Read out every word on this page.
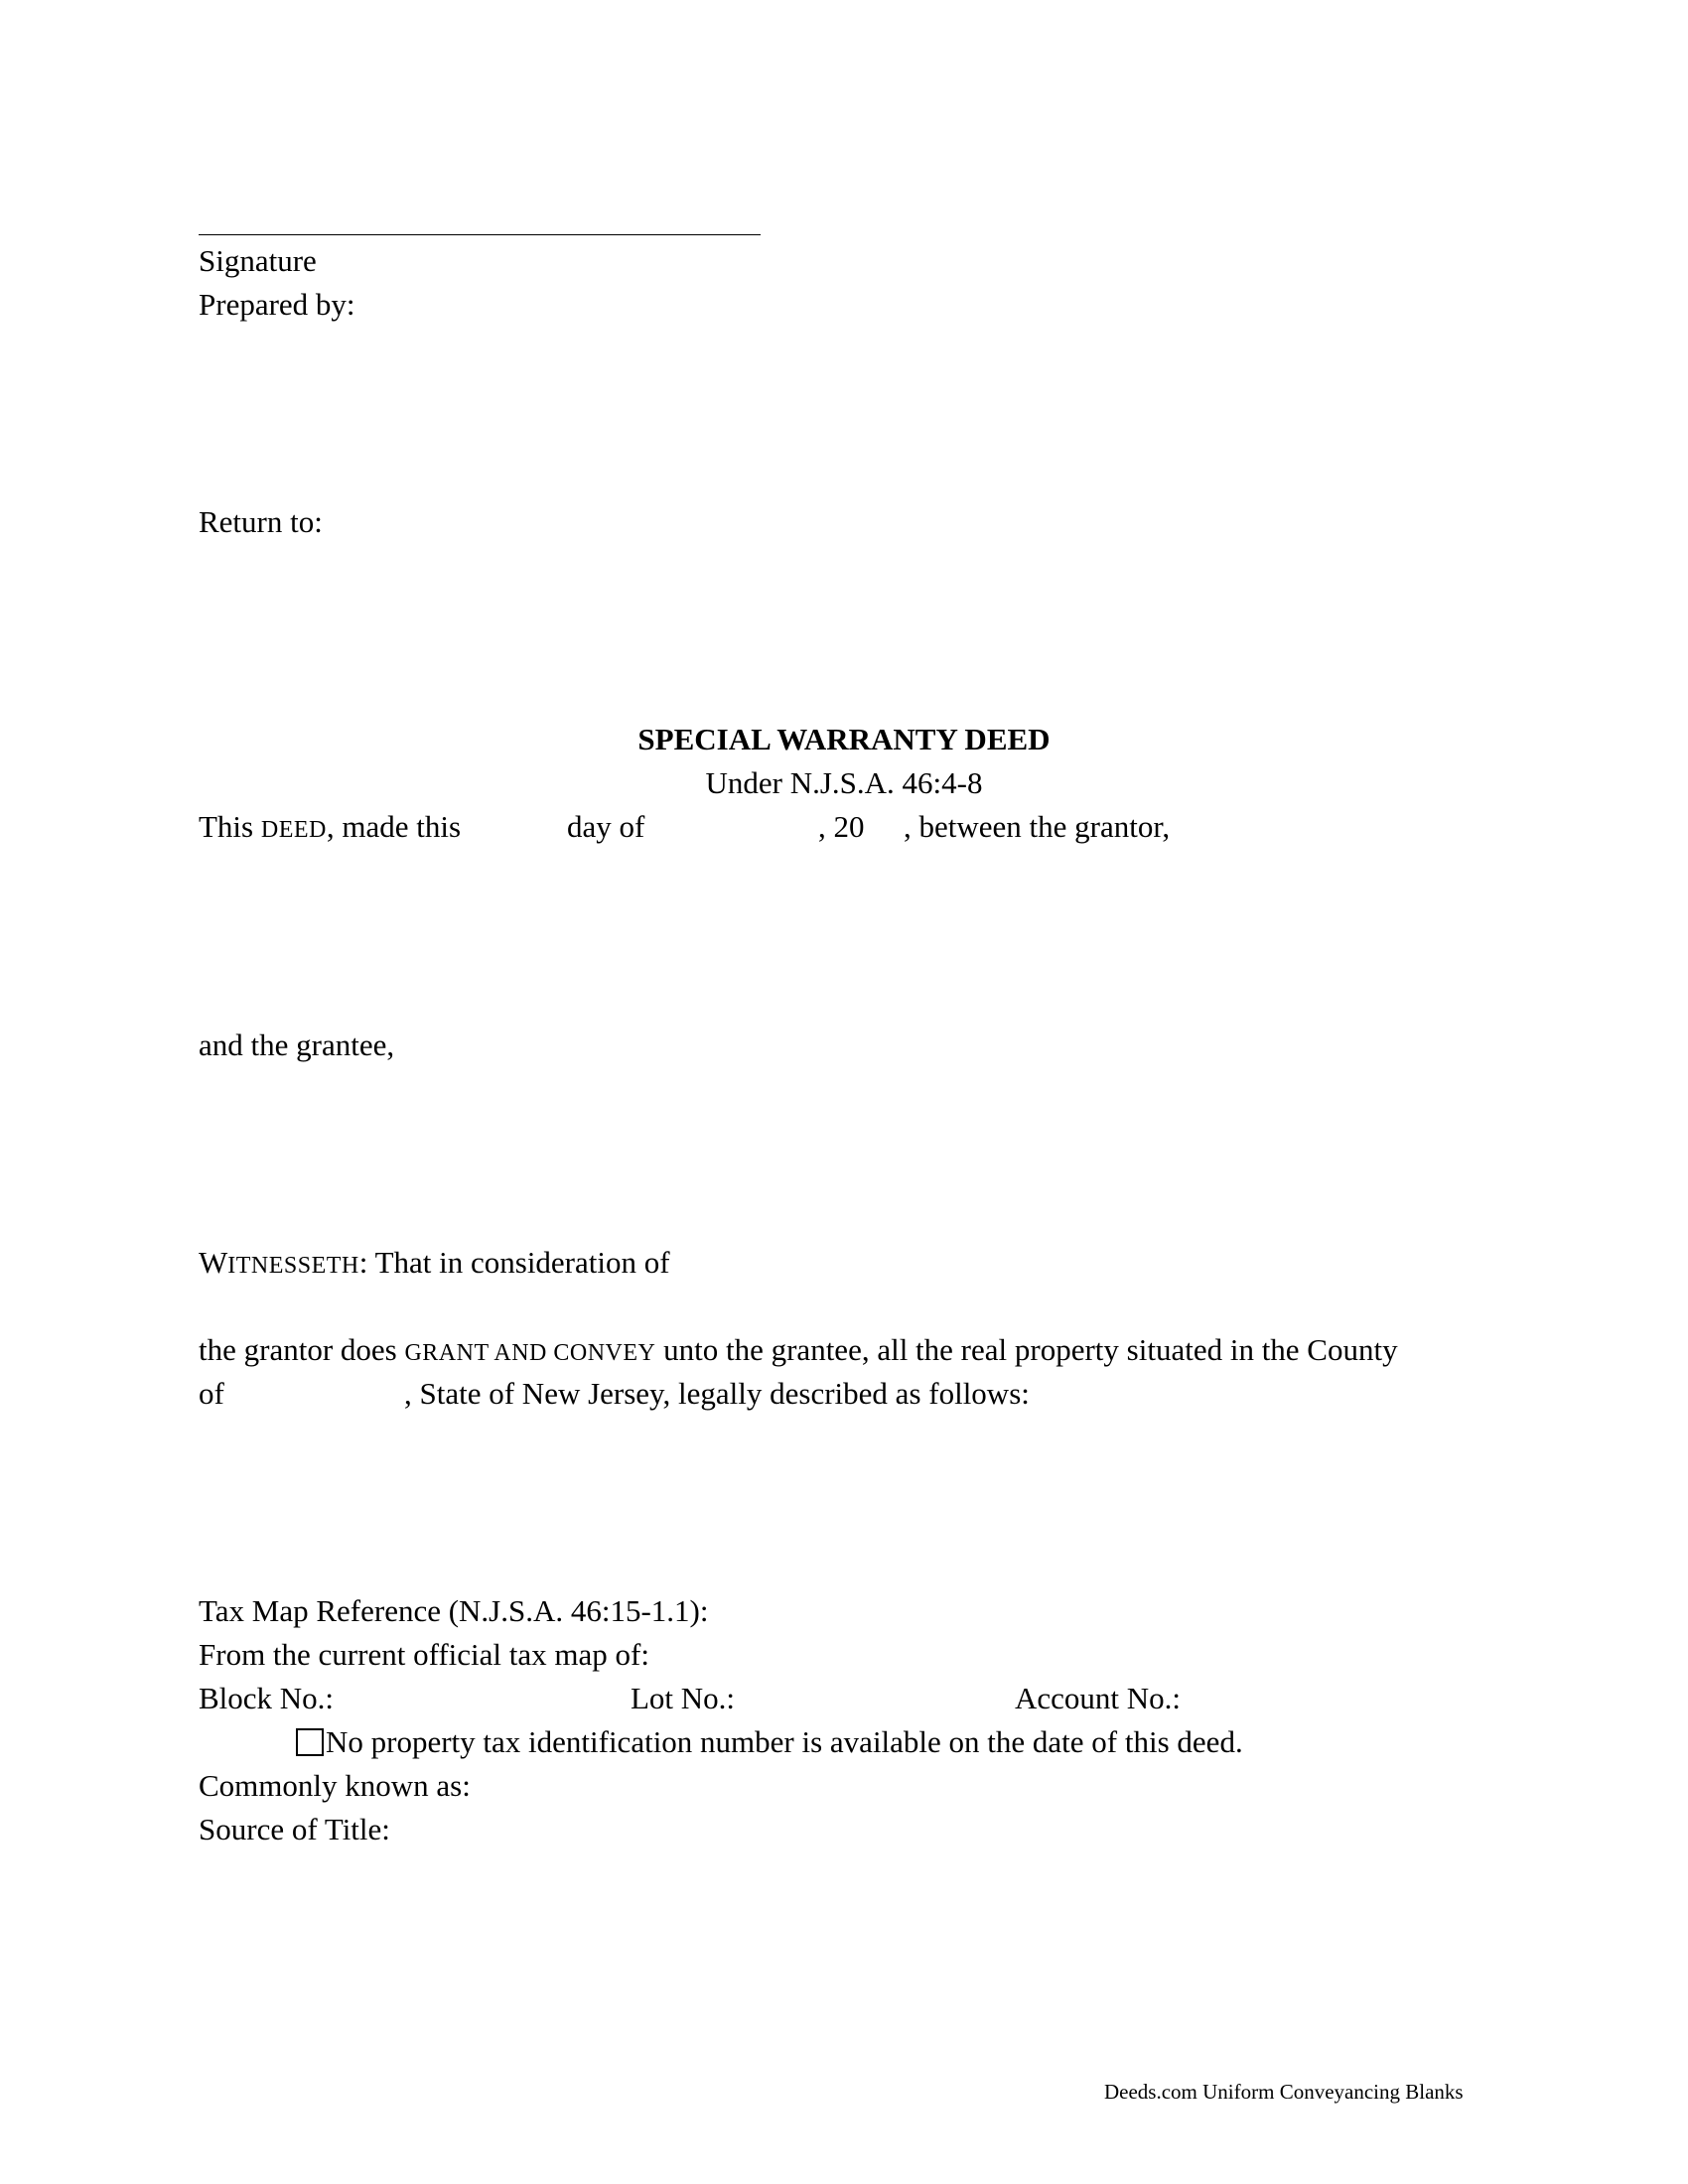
Signature
Prepared by:
Return to:
SPECIAL WARRANTY DEED
Under N.J.S.A. 46:4-8
This DEED, made this	day of	, 20 , between the grantor,
and the grantee,
WITNESSETH: That in consideration of
the grantor does GRANT AND CONVEY unto the grantee, all the real property situated in the County
of	, State of New Jersey, legally described as follows:
Tax Map Reference (N.J.S.A. 46:15-1.1):
From the current official tax map of:
Block No.:	Lot No.:	Account No.:
No property tax identification number is available on the date of this deed.
Commonly known as:
Source of Title:
Deeds.com Uniform Conveyancing Blanks
